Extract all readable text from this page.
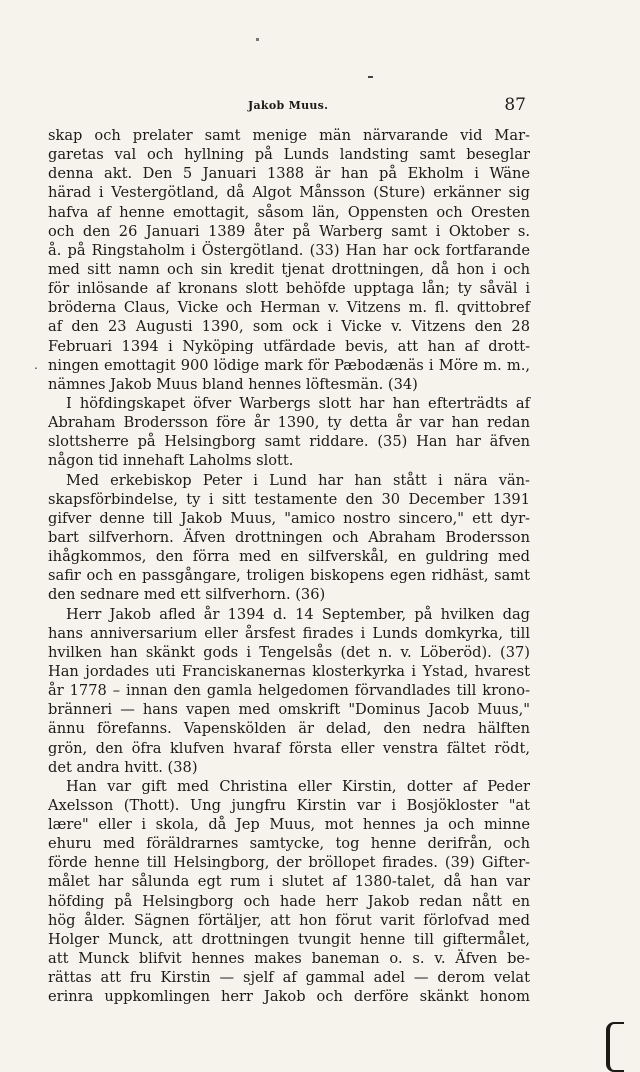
Jakob Muus.	87
.
skap och prelater samt menige män närvarande vid Mar-
garetas val och hyllning på Lunds landsting samt beseglar
denna akt. Den 5 Januari 1388 är han på Ekholm i Wäne
härad i Vestergötland, då Algot Månsson (Sture) erkänner sig
hafva af henne emottagit, såsom län, Oppensten och Oresten
och den 26 Januari 1389 åter på Warberg samt i Oktober s.
å. på Ringstaholm i Östergötland. (33) Han har ock fortfarande
med sitt namn och sin kredit tjenat drottningen, då hon i och
för inlösande af kronans slott behöfde upptaga lån; ty såväl i
bröderna Claus, Vicke och Herman v. Vitzens m. fl. qvittobref
af den 23 Augusti 1390, som ock i Vicke v. Vitzens den 28
Februari 1394 i Nyköping utfärdade bevis, att han af drott-
ningen emottagit 900 lödige mark för Pæbodænäs i Möre m. m.,
nämnes Jakob Muus bland hennes löftesmän. (34)
I höfdingskapet öfver Warbergs slott har han efterträdts af
Abraham Brodersson före år 1390, ty detta år var han redan
slottsherre på Helsingborg samt riddare. (35) Han har äfven
någon tid innehaft Laholms slott.
Med erkebiskop Peter i Lund har han stått i nära vän-
skapsförbindelse, ty i sitt testamente den 30 December 1391
gifver denne till Jakob Muus, "amico nostro sincero," ett dyr-
bart silfverhorn. Äfven drottningen och Abraham Brodersson
ihågkommos, den förra med en silfverskål, en guldring med
safir och en passgångare, troligen biskopens egen ridhäst, samt
den sednare med ett silfverhorn. (36)
Herr Jakob afled år 1394 d. 14 September, på hvilken dag
hans anniversarium eller årsfest firades i Lunds domkyrka, till
hvilken han skänkt gods i Tengelsås (det n. v. Löberöd). (37)
Han jordades uti Franciskanernas klosterkyrka i Ystad, hvarest
år 1778 – innan den gamla helgedomen förvandlades till krono-
bränneri — hans vapen med omskrift "Dominus Jacob Muus,"
ännu förefanns. Vapenskölden är delad, den nedra hälften
grön, den öfra klufven hvaraf första eller venstra fältet rödt,
det andra hvitt. (38)
Han var gift med Christina eller Kirstin, dotter af Peder
Axelsson (Thott). Ung jungfru Kirstin var i Bosjökloster "at
lære" eller i skola, då Jep Muus, mot hennes ja och minne
ehuru med föräldrarnes samtycke, tog henne derifrån, och
förde henne till Helsingborg, der bröllopet firades. (39) Gifter-
målet har sålunda egt rum i slutet af 1380-talet, då han var
höfding på Helsingborg och hade herr Jakob redan nått en
hög ålder. Sägnen förtäljer, att hon förut varit förlofvad med
Holger Munck, att drottningen tvungit henne till giftermålet,
att Munck blifvit hennes makes baneman o. s. v. Äfven be-
rättas att fru Kirstin — sjelf af gammal adel — derom velat
erinra uppkomlingen herr Jakob och derföre skänkt honom
